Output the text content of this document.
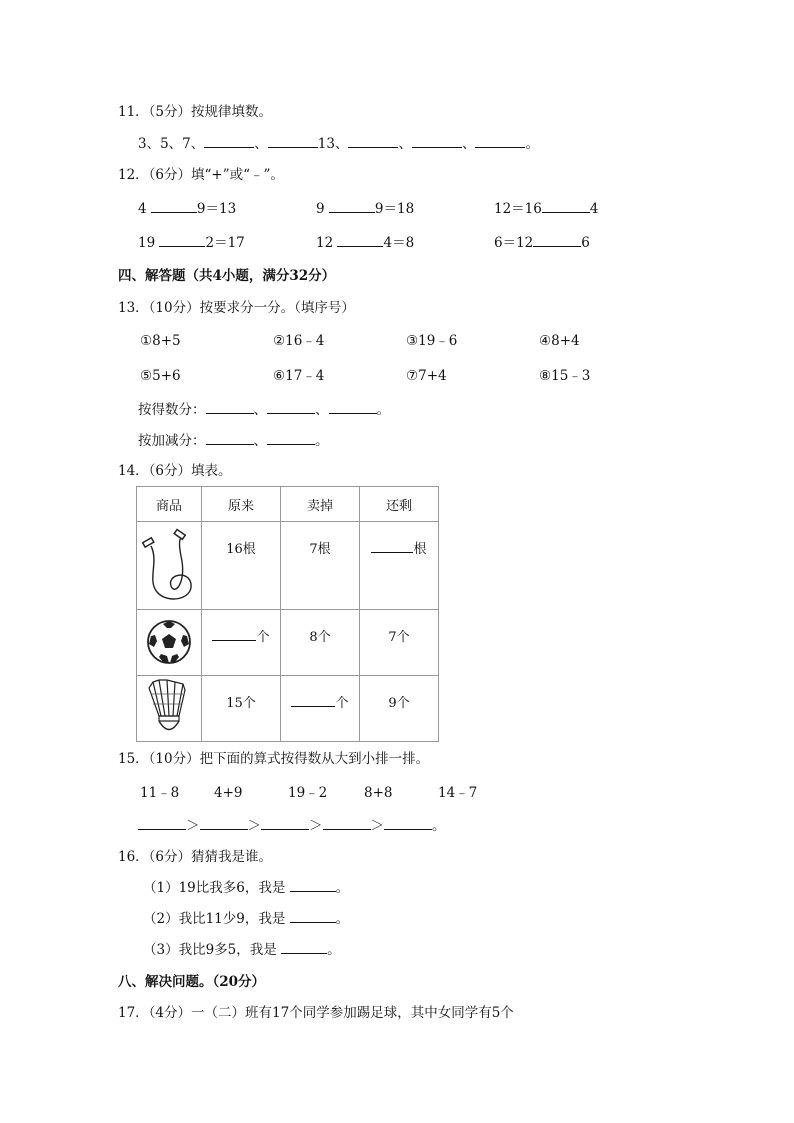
11．（5分）按规律填数。
3、5、7、	、	13、	、	、	。
12．（6分）填“+”或“﹣”。
4	9＝13	9	9＝18	12＝16	4
19	2＝17	12	4＝8	6＝12	6
四、解答题（共4小题，满分32分）
13．（10分）按要求分一分。（填序号）
①8+5	②16﹣4	③19﹣6	④8+4
⑤5+6	⑥17﹣4	⑦7+4	⑧15﹣3
按得数分：	、	、	。
按加减分：	、	。
14．（6分）填表。
商品	原来	卖掉	还剩

16根	7根	根

个	8个	7个

15个	个	9个
15．（10分）把下面的算式按得数从大到小排一排。
11﹣8	4+9	19﹣2	8+8	14﹣7
＞	＞	＞	＞	。
16．（6分）猜猜我是谁。
（1）19比我多6，我是	。
（2）我比11少9，我是	。
（3）我比9多5，我是	。
八、解决问题。（20分）
17．（4分）一（二）班有17个同学参加踢足球，其中女同学有5个
